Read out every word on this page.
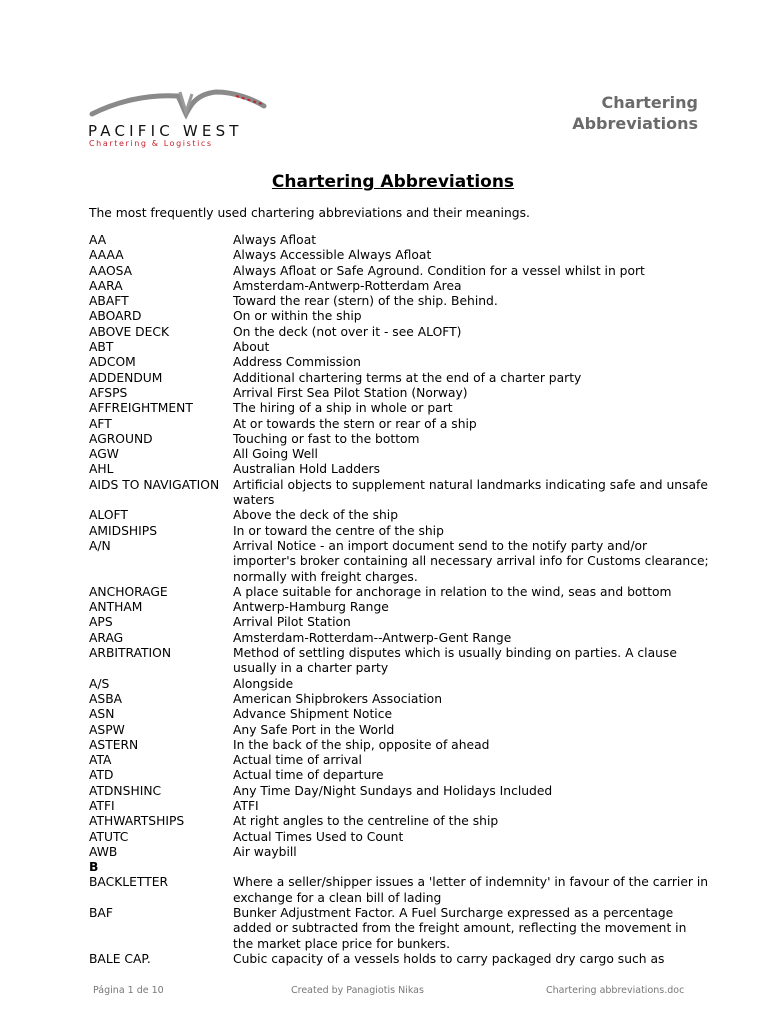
PACIFIC WEST
Chartering & Logistics
Chartering
Abbreviations
Chartering Abbreviations
The most frequently used chartering abbreviations and their meanings.
AA	Always Afloat
AAAA	Always Accessible Always Afloat
AAOSA	Always Afloat or Safe Aground. Condition for a vessel whilst in port
AARA	Amsterdam-Antwerp-Rotterdam Area
ABAFT	Toward the rear (stern) of the ship. Behind.
ABOARD	On or within the ship
ABOVE DECK	On the deck (not over it - see ALOFT)
ABT	About
ADCOM	Address Commission
ADDENDUM	Additional chartering terms at the end of a charter party
AFSPS	Arrival First Sea Pilot Station (Norway)
AFFREIGHTMENT	The hiring of a ship in whole or part
AFT	At or towards the stern or rear of a ship
AGROUND	Touching or fast to the bottom
AGW	All Going Well
AHL	Australian Hold Ladders
AIDS TO NAVIGATION	Artificial objects to supplement natural landmarks indicating safe and unsafe waters
ALOFT	Above the deck of the ship
AMIDSHIPS	In or toward the centre of the ship
A/N	Arrival Notice - an import document send to the notify party and/or importer's broker containing all necessary arrival info for Customs clearance; normally with freight charges.
ANCHORAGE	A place suitable for anchorage in relation to the wind, seas and bottom
ANTHAM	Antwerp-Hamburg Range
APS	Arrival Pilot Station
ARAG	Amsterdam-Rotterdam--Antwerp-Gent Range
ARBITRATION	Method of settling disputes which is usually binding on parties. A clause usually in a charter party
A/S	Alongside
ASBA	American Shipbrokers Association
ASN	Advance Shipment Notice
ASPW	Any Safe Port in the World
ASTERN	In the back of the ship, opposite of ahead
ATA	Actual time of arrival
ATD	Actual time of departure
ATDNSHINC	Any Time Day/Night Sundays and Holidays Included
ATFI	ATFI
ATHWARTSHIPS	At right angles to the centreline of the ship
ATUTC	Actual Times Used to Count
AWB	Air waybill
B
BACKLETTER	Where a seller/shipper issues a 'letter of indemnity' in favour of the carrier in exchange for a clean bill of lading
BAF	Bunker Adjustment Factor. A Fuel Surcharge expressed as a percentage added or subtracted from the freight amount, reflecting the movement in the market place price for bunkers.
BALE CAP.	Cubic capacity of a vessels holds to carry packaged dry cargo such as
Página 1 de 10	Created by Panagiotis Nikas	Chartering abbreviations.doc
